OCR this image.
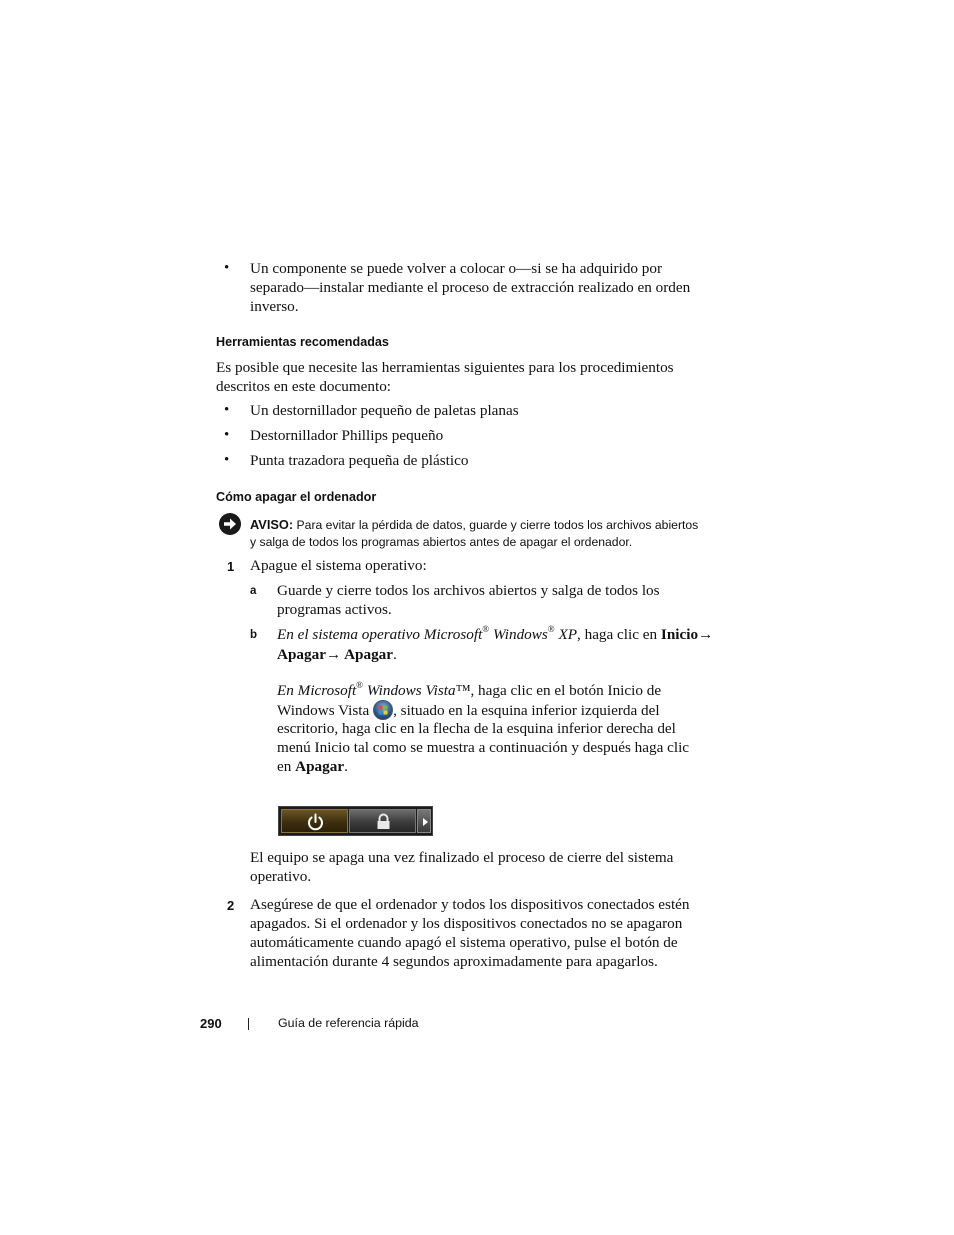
• Un componente se puede volver a colocar o—si se ha adquirido por
separado—instalar mediante el proceso de extracción realizado en orden
inverso.
Herramientas recomendadas
Es posible que necesite las herramientas siguientes para los procedimientos
descritos en este documento:
• Un destornillador pequeño de paletas planas
• Destornillador Phillips pequeño
• Punta trazadora pequeña de plástico
Cómo apagar el ordenador
AVISO: Para evitar la pérdida de datos, guarde y cierre todos los archivos abiertos
y salga de todos los programas abiertos antes de apagar el ordenador.
1 Apague el sistema operativo:
a Guarde y cierre todos los archivos abiertos y salga de todos los
programas activos.
b En el sistema operativo Microsoft® Windows® XP, haga clic en Inicio→
Apagar→ Apagar.
En Microsoft® Windows Vista™, haga clic en el botón Inicio de
Windows Vista
, situado en la esquina inferior izquierda del
escritorio, haga clic en la flecha de la esquina inferior derecha del
menú Inicio tal como se muestra a continuación y después haga clic
en Apagar.
El equipo se apaga una vez finalizado el proceso de cierre del sistema
operativo.
2 Asegúrese de que el ordenador y todos los dispositivos conectados estén
apagados. Si el ordenador y los dispositivos conectados no se apagaron
automáticamente cuando apagó el sistema operativo, pulse el botón de
alimentación durante 4 segundos aproximadamente para apagarlos.
290	Guía de referencia rápida
